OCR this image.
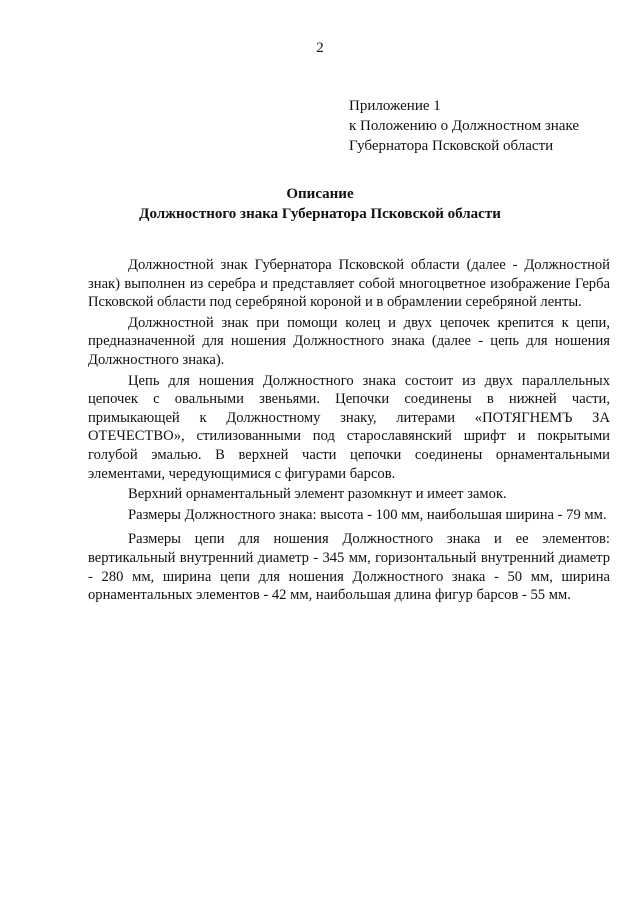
2
Приложение 1
к Положению о Должностном знаке
Губернатора Псковской области
Описание
Должностного знака Губернатора Псковской области

Должностной знак Губернатора Псковской области (далее - Должностной знак) выполнен из серебра и представляет собой многоцветное изображение Герба Псковской области под серебряной короной и в обрамлении серебряной ленты.

Должностной знак при помощи колец и двух цепочек крепится к цепи, предназначенной для ношения Должностного знака (далее - цепь для ношения Должностного знака).

Цепь для ношения Должностного знака состоит из двух параллельных цепочек с овальными звеньями. Цепочки соединены в нижней части, примыкающей к Должностному знаку, литерами «ПОТЯГНЕМЪ ЗА ОТЕЧЕСТВО», стилизованными под старославянский шрифт и покрытыми голубой эмалью. В верхней части цепочки соединены орнаментальными элементами, чередующимися с фигурами барсов.

Верхний орнаментальный элемент разомкнут и имеет замок.

Размеры Должностного знака: высота - 100 мм, наибольшая ширина - 79 мм.

Размеры цепи для ношения Должностного знака и ее элементов: вертикальный внутренний диаметр - 345 мм, горизонтальный внутренний диаметр - 280 мм, ширина цепи для ношения Должностного знака - 50 мм, ширина орнаментальных элементов - 42 мм, наибольшая длина фигур барсов - 55 мм.
